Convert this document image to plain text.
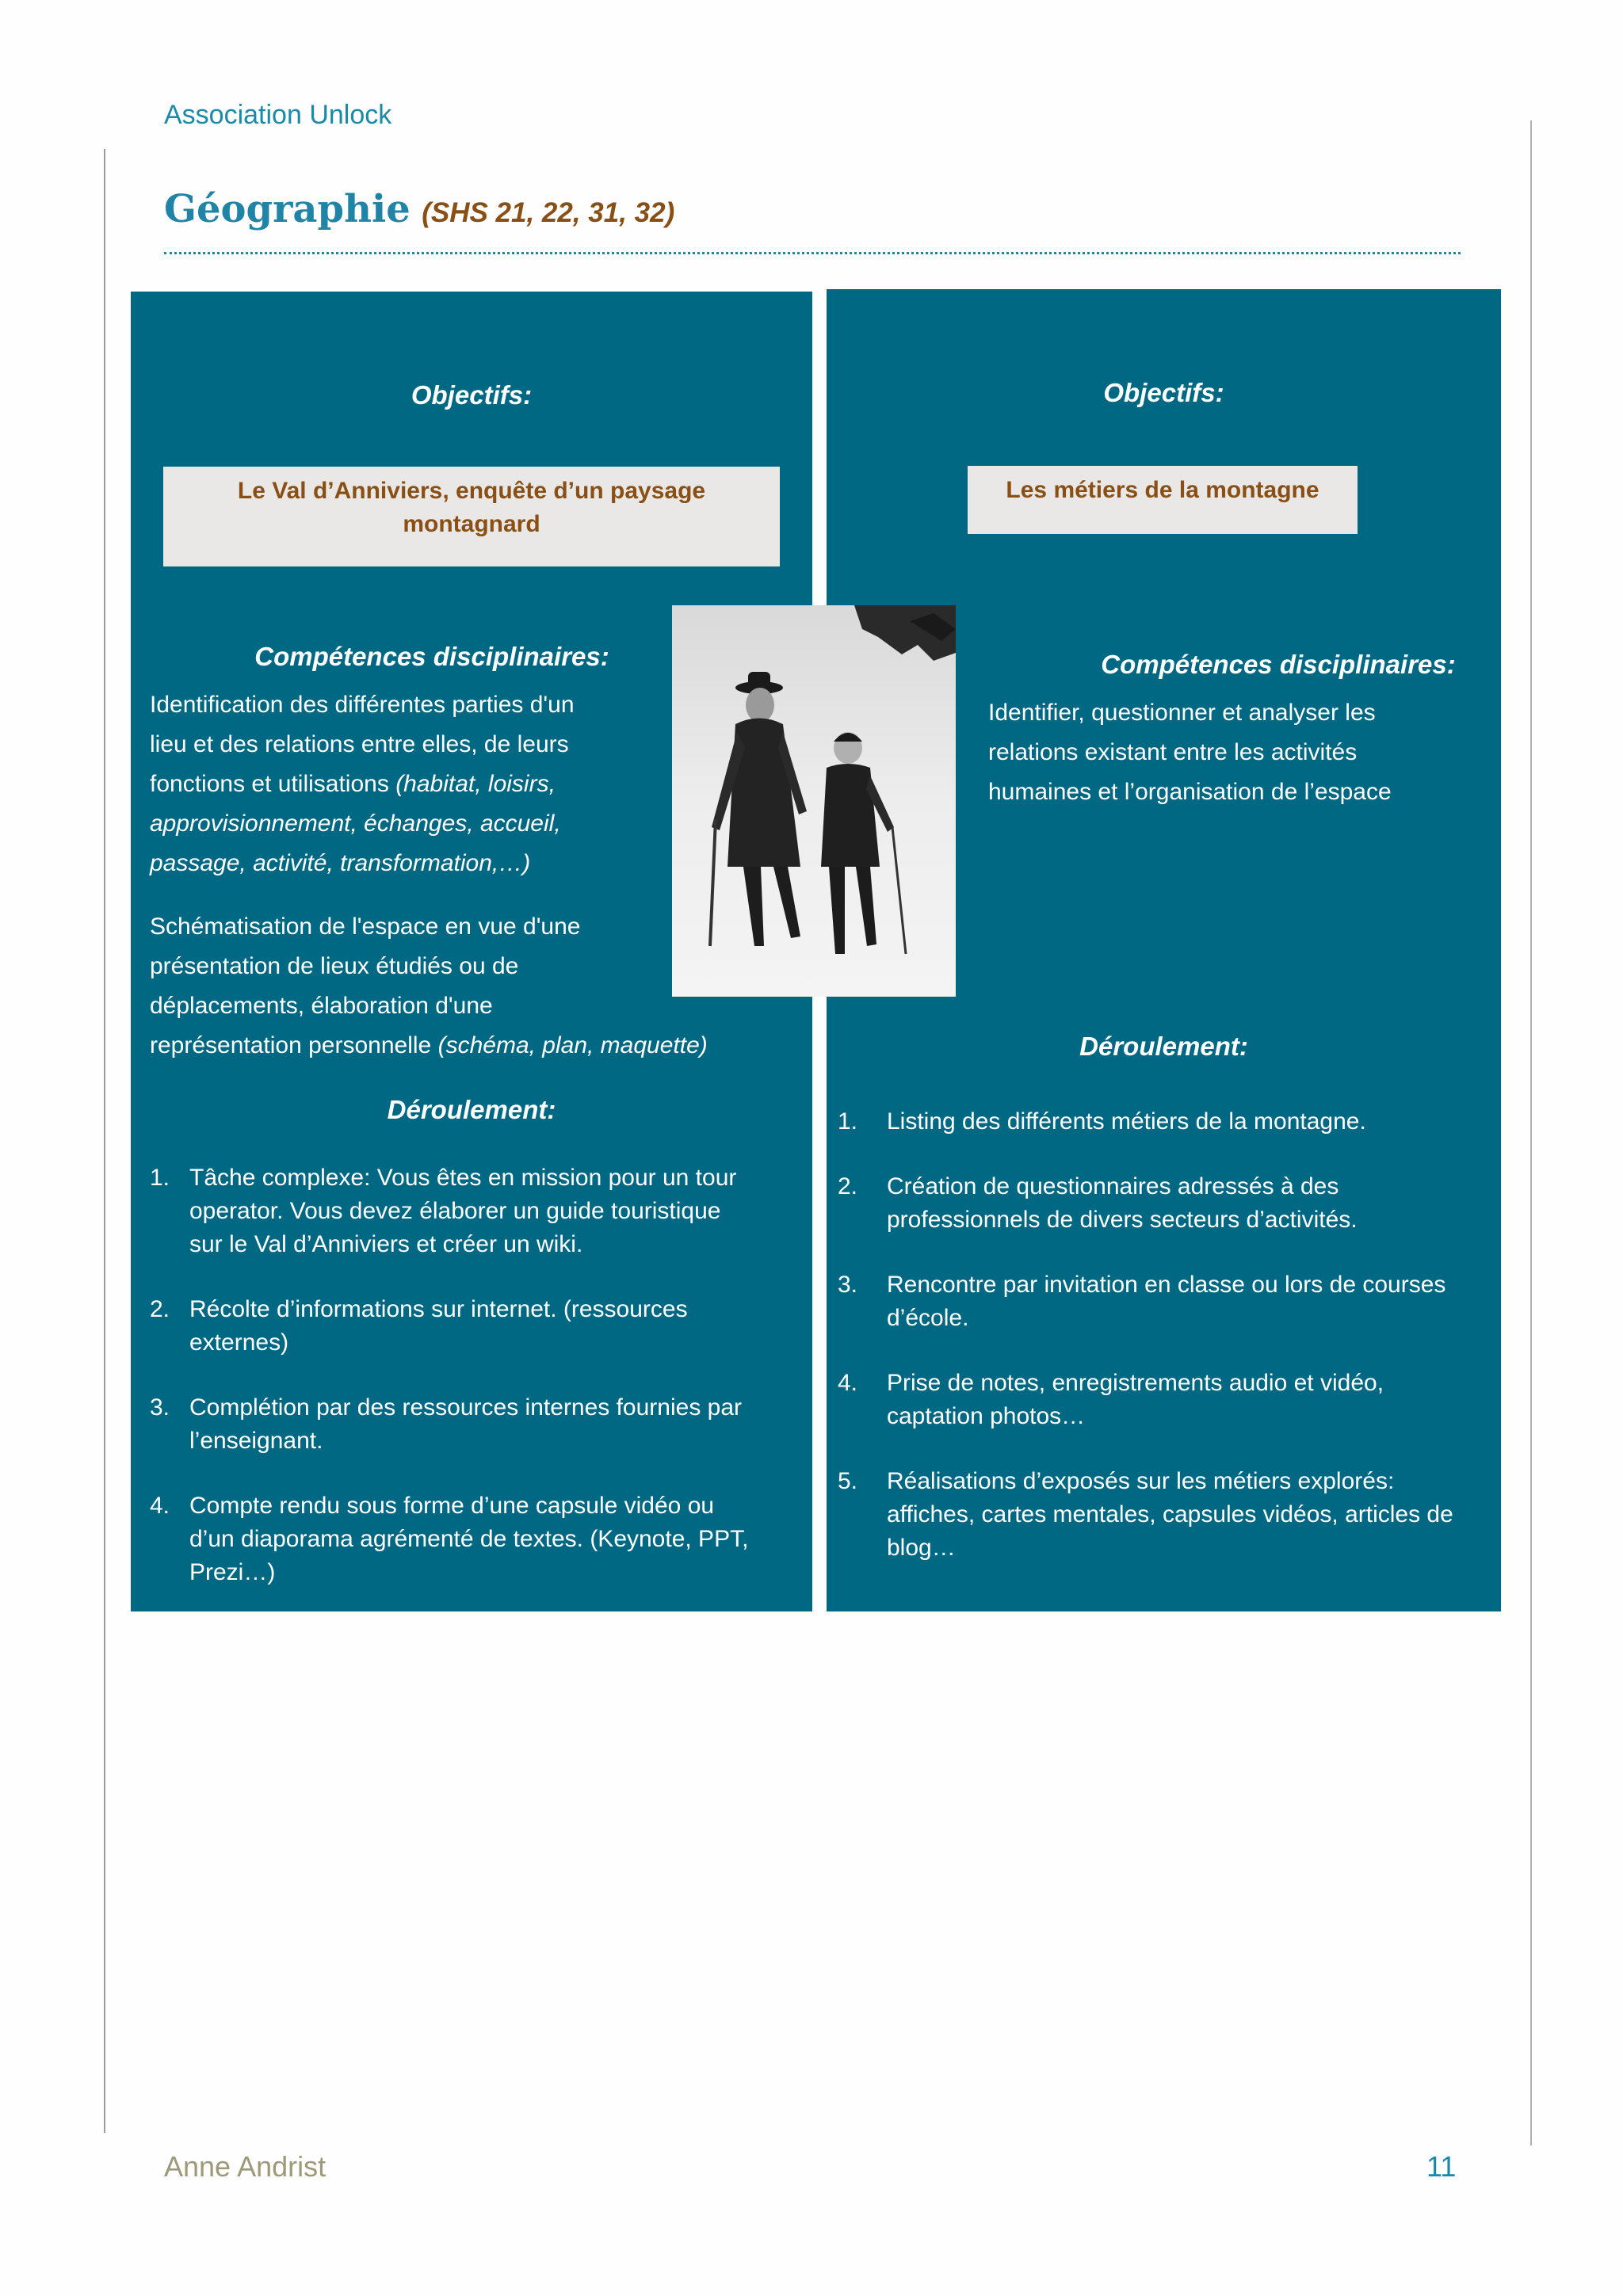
Association Unlock
Géographie (SHS 21, 22, 31, 32)
Objectifs:
Le Val d’Anniviers, enquête d’un paysage
montagnard
Compétences disciplinaires:
Identification des différentes parties d'un
lieu et des relations entre elles, de leurs
fonctions et utilisations (habitat, loisirs,
approvisionnement, échanges, accueil,
passage, activité, transformation,…)
Schématisation de l'espace en vue d'une
présentation de lieux étudiés ou de
déplacements, élaboration d'une
représentation personnelle (schéma, plan, maquette)
Déroulement:
1. Tâche complexe: Vous êtes en mission pour un tour
operator. Vous devez élaborer un guide touristique
sur le Val d’Anniviers et créer un wiki.
2. Récolte d’informations sur internet. (ressources
externes)
3. Complétion par des ressources internes fournies par
l’enseignant.
4. Compte rendu sous forme d’une capsule vidéo ou
d’un diaporama agrémenté de textes. (Keynote, PPT,
Prezi…)
Objectifs:
Les métiers de la montagne
Compétences disciplinaires:
Identifier, questionner et analyser les
relations existant entre les activités
humaines et l’organisation de l’espace
Déroulement:
1. Listing des différents métiers de la montagne.
2. Création de questionnaires adressés à des
professionnels de divers secteurs d’activités.
3. Rencontre par invitation en classe ou lors de courses
d’école.
4. Prise de notes, enregistrements audio et vidéo,
captation photos…
5. Réalisations d’exposés sur les métiers explorés:
affiches, cartes mentales, capsules vidéos, articles de
blog…
Anne Andrist	11
